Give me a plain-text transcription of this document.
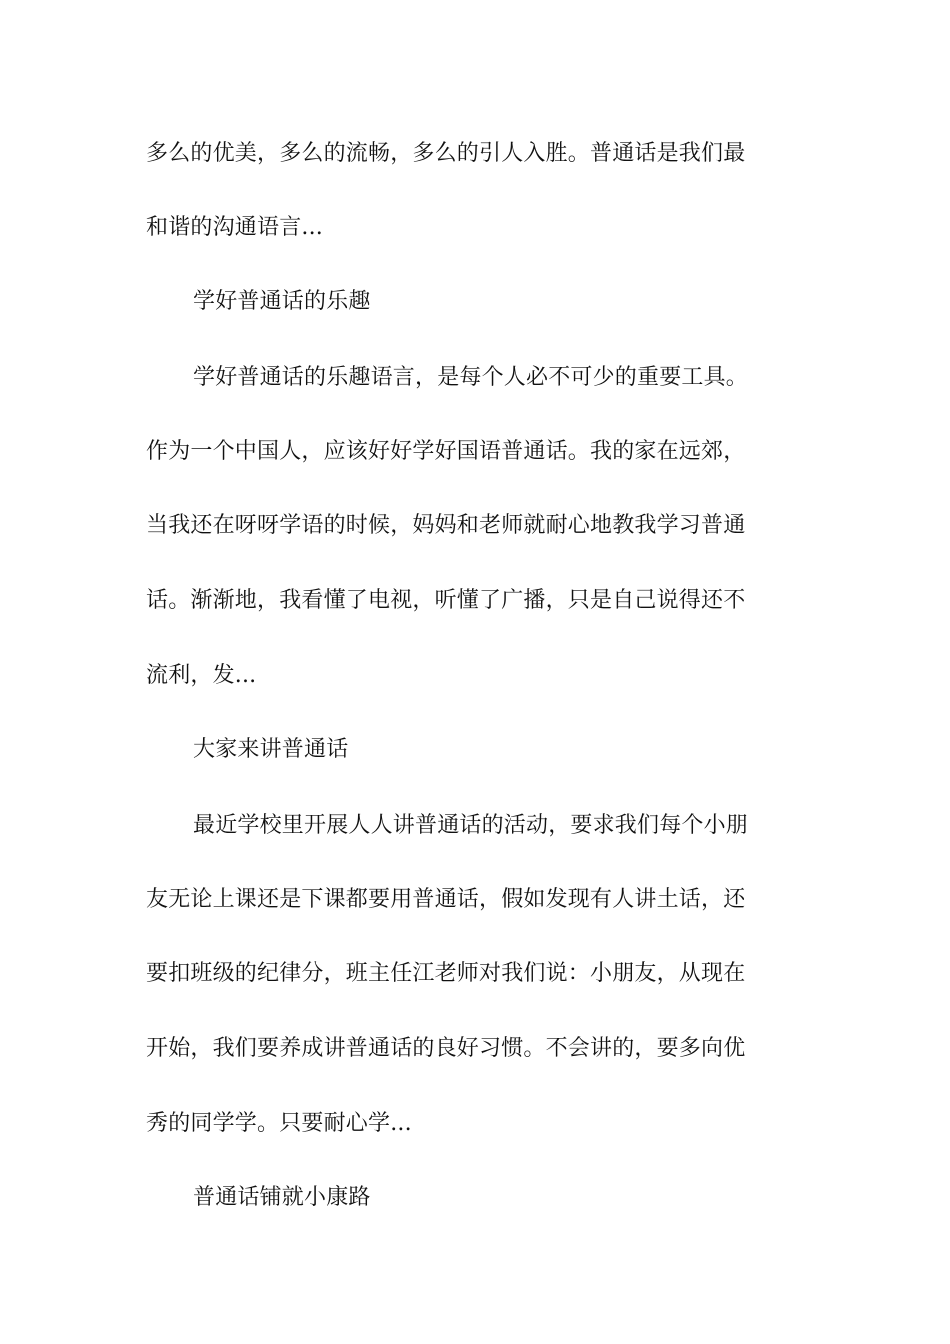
多么的优美，多么的流畅，多么的引人入胜。普通话是我们最
和谐的沟通语言...
学好普通话的乐趣
学好普通话的乐趣语言，是每个人必不可少的重要工具。
作为一个中国人，应该好好学好国语普通话。我的家在远郊，
当我还在呀呀学语的时候，妈妈和老师就耐心地教我学习普通
话。渐渐地，我看懂了电视，听懂了广播，只是自己说得还不
流利，发...
大家来讲普通话
最近学校里开展人人讲普通话的活动，要求我们每个小朋
友无论上课还是下课都要用普通话，假如发现有人讲土话，还
要扣班级的纪律分，班主任江老师对我们说：小朋友，从现在
开始，我们要养成讲普通话的良好习惯。不会讲的，要多向优
秀的同学学。只要耐心学...
普通话铺就小康路
